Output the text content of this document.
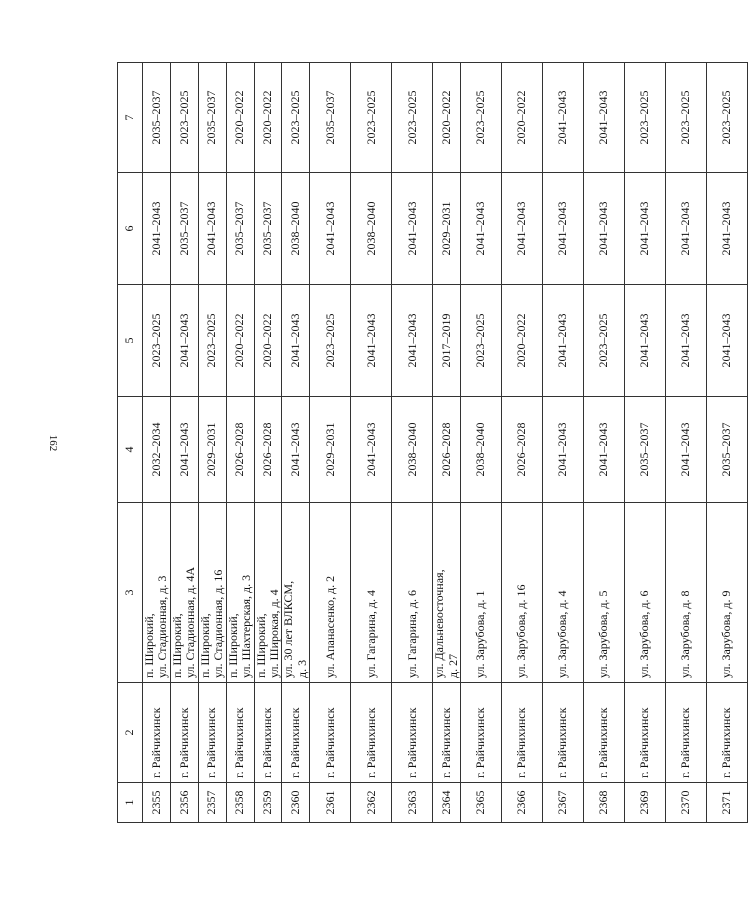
162
1	2	3	4	5	6	7
2355	г. Райчихинск	п. Широкий,
ул. Стадионная, д. 3	2032–2034	2023–2025	2041–2043	2035–2037
2356	г. Райчихинск	п. Широкий,
ул. Стадионная, д. 4А	2041–2043	2041–2043	2035–2037	2023–2025
2357	г. Райчихинск	п. Широкий,
ул. Стадионная, д. 16	2029–2031	2023–2025	2041–2043	2035–2037
2358	г. Райчихинск	п. Широкий,
ул. Шахтерская, д. 3	2026–2028	2020–2022	2035–2037	2020–2022
2359	г. Райчихинск	п. Широкий,
ул. Широкая, д. 4	2026–2028	2020–2022	2035–2037	2020–2022
2360	г. Райчихинск	ул. 30 лет ВЛКСМ,
д. 3	2041–2043	2041–2043	2038–2040	2023–2025
2361	г. Райчихинск	ул. Апанасенко, д. 2	2029–2031	2023–2025	2041–2043	2035–2037
2362	г. Райчихинск	ул. Гагарина, д. 4	2041–2043	2041–2043	2038–2040	2023–2025
2363	г. Райчихинск	ул. Гагарина, д. 6	2038–2040	2041–2043	2041–2043	2023–2025
2364	г. Райчихинск	ул. Дальневосточная,
д. 27	2026–2028	2017–2019	2029–2031	2020–2022
2365	г. Райчихинск	ул. Зарубова, д. 1	2038–2040	2023–2025	2041–2043	2023–2025
2366	г. Райчихинск	ул. Зарубова, д. 16	2026–2028	2020–2022	2041–2043	2020–2022
2367	г. Райчихинск	ул. Зарубова, д. 4	2041–2043	2041–2043	2041–2043	2041–2043
2368	г. Райчихинск	ул. Зарубова, д. 5	2041–2043	2023–2025	2041–2043	2041–2043
2369	г. Райчихинск	ул. Зарубова, д. 6	2035–2037	2041–2043	2041–2043	2023–2025
2370	г. Райчихинск	ул. Зарубова, д. 8	2041–2043	2041–2043	2041–2043	2023–2025
2371	г. Райчихинск	ул. Зарубова, д. 9	2035–2037	2041–2043	2041–2043	2023–2025
